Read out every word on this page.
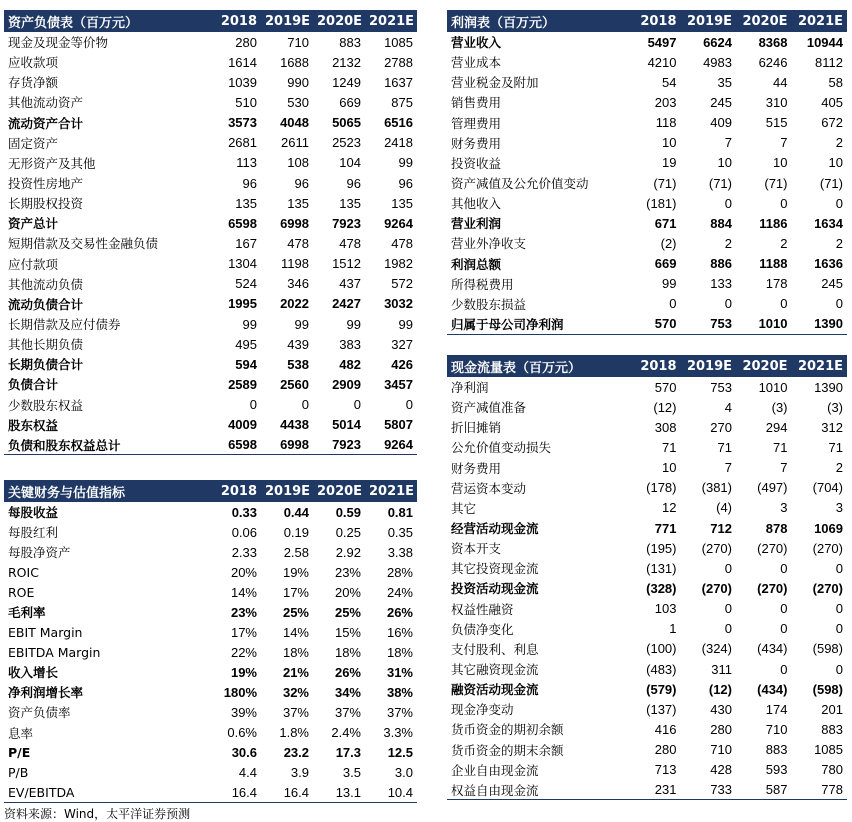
资产负债表（百万元）	2018	2019E	2020E	2021E
现金及现金等价物	280	710	883	1085
应收款项	1614	1688	2132	2788
存货净额	1039	990	1249	1637
其他流动资产	510	530	669	875
流动资产合计	3573	4048	5065	6516
固定资产	2681	2611	2523	2418
无形资产及其他	113	108	104	99
投资性房地产	96	96	96	96
长期股权投资	135	135	135	135
资产总计	6598	6998	7923	9264
短期借款及交易性金融负债	167	478	478	478
应付款项	1304	1198	1512	1982
其他流动负债	524	346	437	572
流动负债合计	1995	2022	2427	3032
长期借款及应付债券	99	99	99	99
其他长期负债	495	439	383	327
长期负债合计	594	538	482	426
负债合计	2589	2560	2909	3457
少数股东权益	0	0	0	0
股东权益	4009	4438	5014	5807
负债和股东权益总计	6598	6998	7923	9264
关键财务与估值指标	2018	2019E	2020E	2021E
每股收益	0.33	0.44	0.59	0.81
每股红利	0.06	0.19	0.25	0.35
每股净资产	2.33	2.58	2.92	3.38
ROIC	20%	19%	23%	28%
ROE	14%	17%	20%	24%
毛利率	23%	25%	25%	26%
EBIT Margin	17%	14%	15%	16%
EBITDA Margin	22%	18%	18%	18%
收入增长	19%	21%	26%	31%
净利润增长率	180%	32%	34%	38%
资产负债率	39%	37%	37%	37%
息率	0.6%	1.8%	2.4%	3.3%
P/E	30.6	23.2	17.3	12.5
P/B	4.4	3.9	3.5	3.0
EV/EBITDA	16.4	16.4	13.1	10.4
利润表（百万元）	2018	2019E	2020E	2021E
营业收入	5497	6624	8368	10944
营业成本	4210	4983	6246	8112
营业税金及附加	54	35	44	58
销售费用	203	245	310	405
管理费用	118	409	515	672
财务费用	10	7	7	2
投资收益	19	10	10	10
资产减值及公允价值变动	(71)	(71)	(71)	(71)
其他收入	(181)	0	0	0
营业利润	671	884	1186	1634
营业外净收支	(2)	2	2	2
利润总额	669	886	1188	1636
所得税费用	99	133	178	245
少数股东损益	0	0	0	0
归属于母公司净利润	570	753	1010	1390
现金流量表（百万元）	2018	2019E	2020E	2021E
净利润	570	753	1010	1390
资产减值准备	(12)	4	(3)	(3)
折旧摊销	308	270	294	312
公允价值变动损失	71	71	71	71
财务费用	10	7	7	2
营运资本变动	(178)	(381)	(497)	(704)
其它	12	(4)	3	3
经营活动现金流	771	712	878	1069
资本开支	(195)	(270)	(270)	(270)
其它投资现金流	(131)	0	0	0
投资活动现金流	(328)	(270)	(270)	(270)
权益性融资	103	0	0	0
负债净变化	1	0	0	0
支付股利、利息	(100)	(324)	(434)	(598)
其它融资现金流	(483)	311	0	0
融资活动现金流	(579)	(12)	(434)	(598)
现金净变动	(137)	430	174	201
货币资金的期初余额	416	280	710	883
货币资金的期末余额	280	710	883	1085
企业自由现金流	713	428	593	780
权益自由现金流	231	733	587	778
资料来源：Wind，太平洋证券预测
